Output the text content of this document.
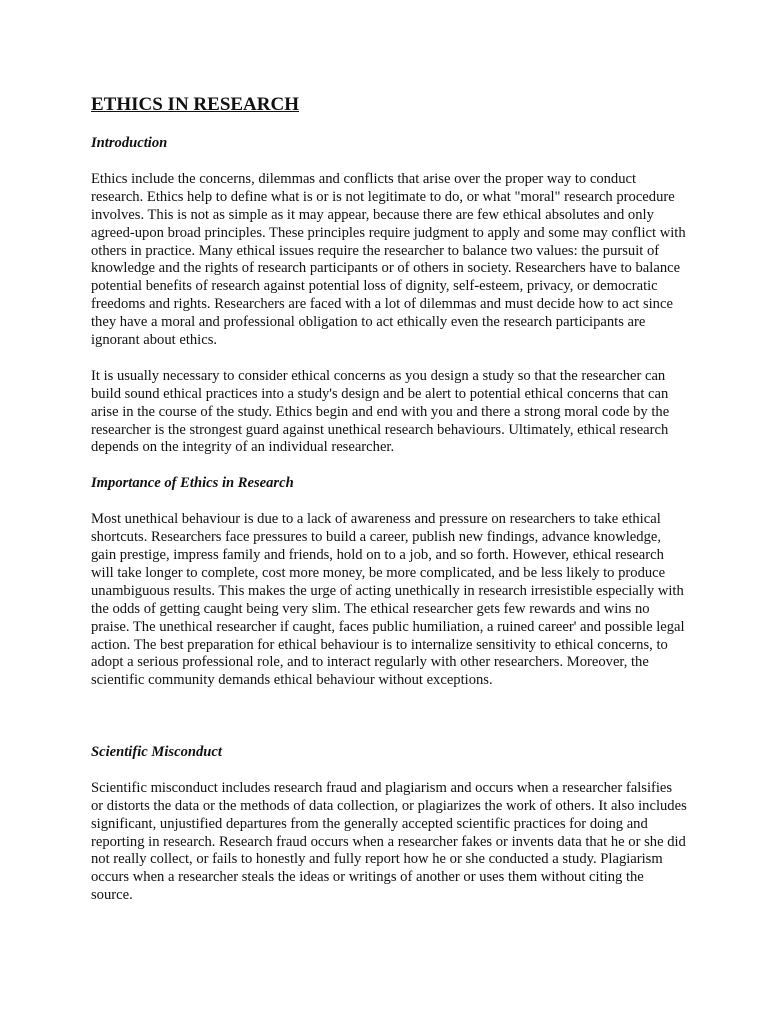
ETHICS IN RESEARCH
Introduction

Ethics include the concerns, dilemmas and conflicts that arise over the proper way to conduct research. Ethics help to define what is or is not legitimate to do, or what "moral" research procedure involves. This is not as simple as it may appear, because there are few ethical absolutes and only agreed-upon broad principles. These principles require judgment to apply and some may conflict with others in practice. Many ethical issues require the researcher to balance two values: the pursuit of knowledge and the rights of research participants or of others in society. Researchers have to balance potential benefits of research against potential loss of dignity, self-esteem, privacy, or democratic freedoms and rights. Researchers are faced with a lot of dilemmas and must decide how to act since they have a moral and professional obligation to act ethically even the research participants are ignorant about ethics.

It is usually necessary to consider ethical concerns as you design a study so that the researcher can build sound ethical practices into a study's design and be alert to potential ethical concerns that can arise in the course of the study. Ethics begin and end with you and there a strong moral code by the researcher is the strongest guard against unethical research behaviours. Ultimately, ethical research depends on the integrity of an individual researcher.

Importance of Ethics in Research

Most unethical behaviour is due to a lack of awareness and pressure on researchers to take ethical shortcuts. Researchers face pressures to build a career, publish new findings, advance knowledge, gain prestige, impress family and friends, hold on to a job, and so forth. However, ethical research will take longer to complete, cost more money, be more complicated, and be less likely to produce unambiguous results. This makes the urge of acting unethically in research irresistible especially with the odds of getting caught being very slim. The ethical researcher gets few rewards and wins no praise. The unethical researcher if caught, faces public humiliation, a ruined career' and possible legal action. The best preparation for ethical behaviour is to internalize sensitivity to ethical concerns, to adopt a serious professional role, and to interact regularly with other researchers. Moreover, the scientific community demands ethical behaviour without exceptions.

Scientific Misconduct

Scientific misconduct includes research fraud and plagiarism and occurs when a researcher falsifies or distorts the data or the methods of data collection, or plagiarizes the work of others. It also includes significant, unjustified departures from the generally accepted scientific practices for doing and reporting in research. Research fraud occurs when a researcher fakes or invents data that he or she did not really collect, or fails to honestly and fully report how he or she conducted a study. Plagiarism occurs when a researcher steals the ideas or writings of another or uses them without citing the source.
